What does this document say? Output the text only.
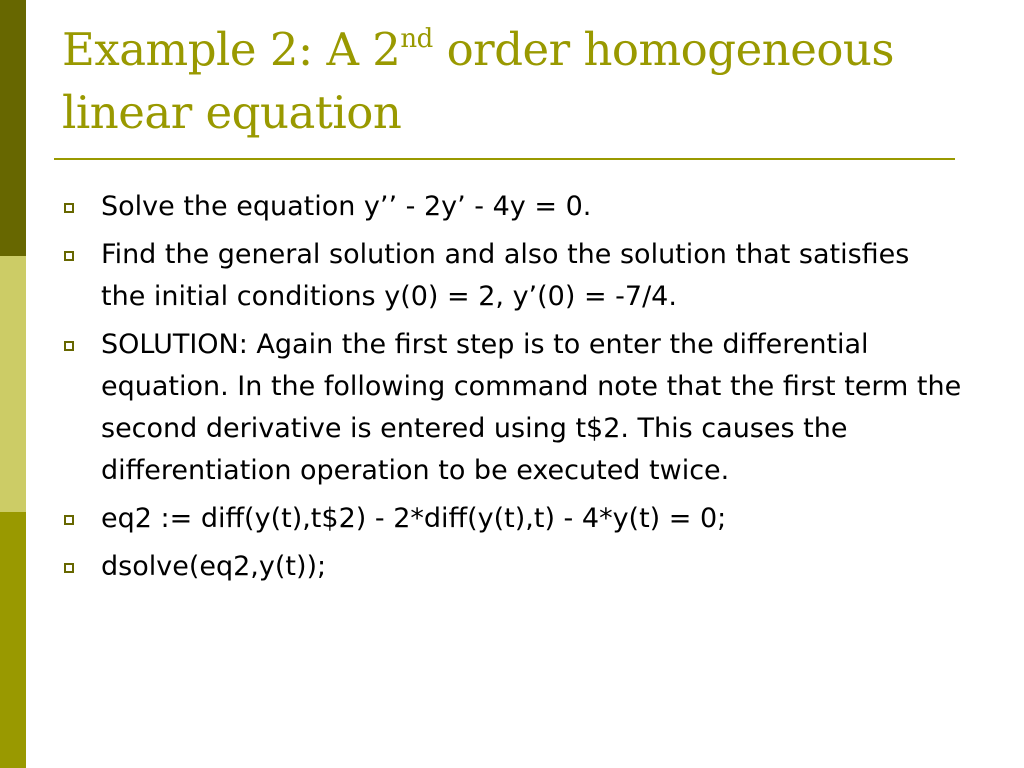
Example 2: A 2nd order homogeneous linear equation
Solve the equation y’’ - 2y’ - 4y = 0.
Find the general solution and also the solution that satisfies the initial conditions y(0) = 2, y’(0) = -7/4.
SOLUTION: Again the first step is to enter the differential equation. In the following command note that the first term the second derivative is entered using t$2. This causes the differentiation operation to be executed twice.
eq2 := diff(y(t),t$2) - 2*diff(y(t),t) - 4*y(t) = 0;
dsolve(eq2,y(t));
